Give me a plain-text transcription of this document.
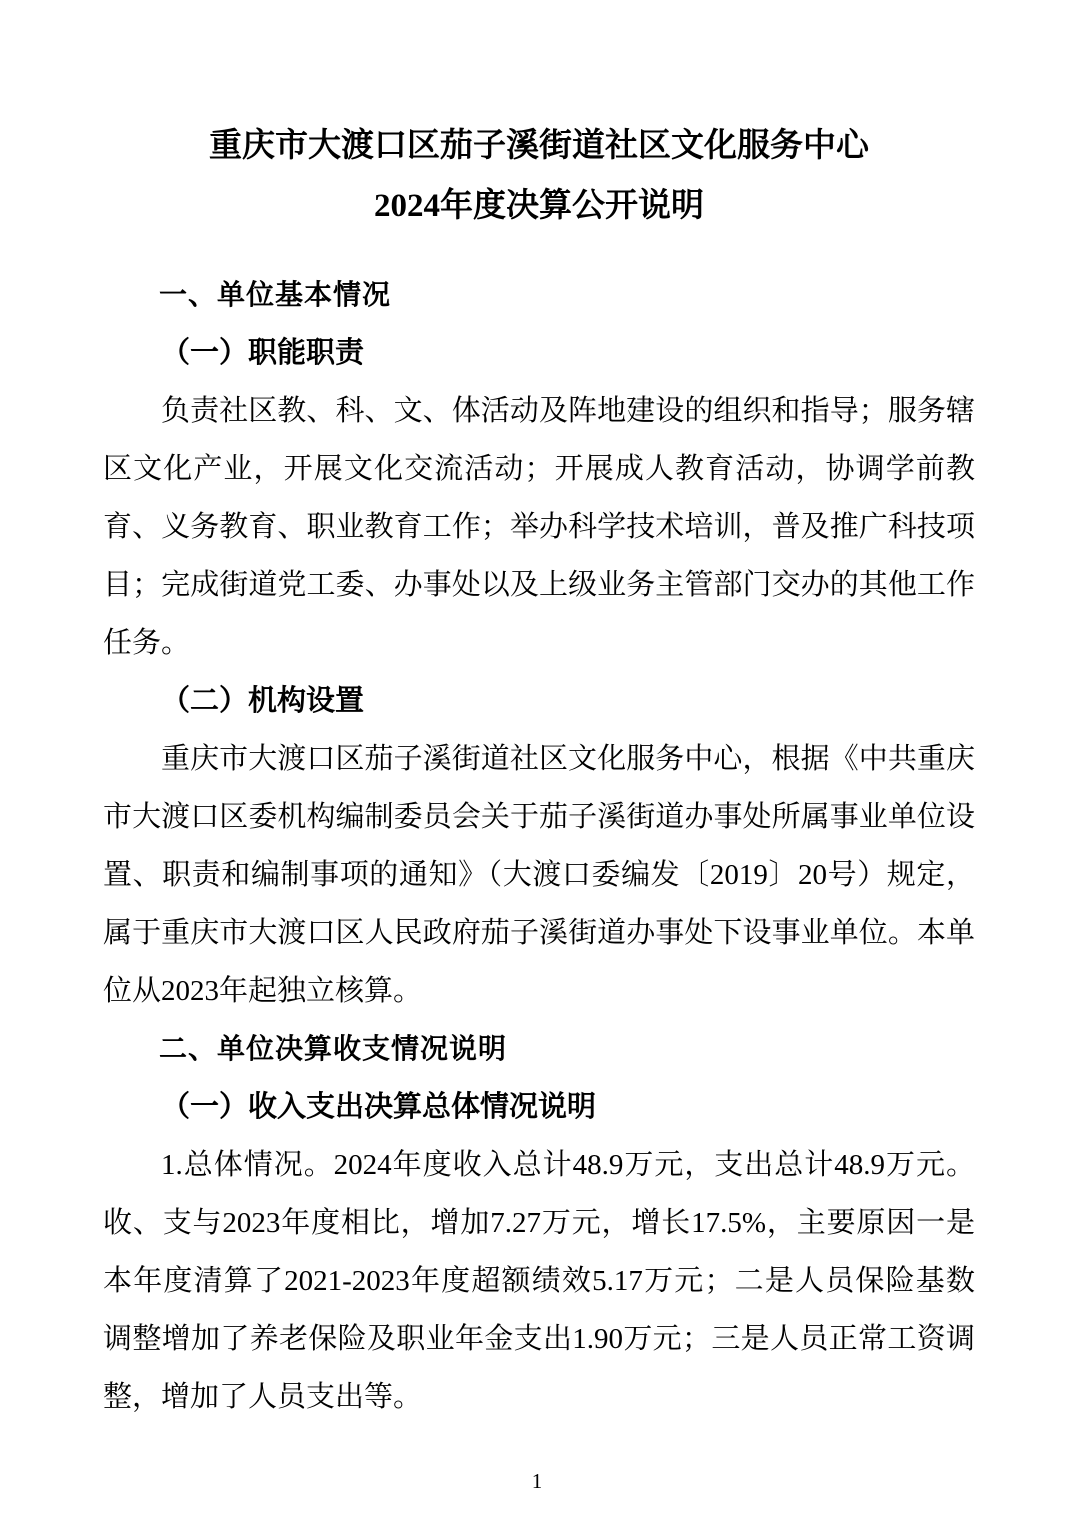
重庆市大渡口区茄子溪街道社区文化服务中心
2024年度决算公开说明

一、单位基本情况

（一）职能职责

负责社区教、科、文、体活动及阵地建设的组织和指导；服务辖区文化产业，开展文化交流活动；开展成人教育活动，协调学前教育、义务教育、职业教育工作；举办科学技术培训，普及推广科技项目；完成街道党工委、办事处以及上级业务主管部门交办的其他工作任务。

（二）机构设置

重庆市大渡口区茄子溪街道社区文化服务中心，根据《中共重庆市大渡口区委机构编制委员会关于茄子溪街道办事处所属事业单位设置、职责和编制事项的通知》（大渡口委编发〔2019〕20号）规定，属于重庆市大渡口区人民政府茄子溪街道办事处下设事业单位。本单位从2023年起独立核算。

二、单位决算收支情况说明

（一）收入支出决算总体情况说明

1.总体情况。2024年度收入总计48.9万元，支出总计48.9万元。收、支与2023年度相比，增加7.27万元，增长17.5%，主要原因一是本年度清算了2021-2023年度超额绩效5.17万元；二是人员保险基数调整增加了养老保险及职业年金支出1.90万元；三是人员正常工资调整，增加了人员支出等。

1
